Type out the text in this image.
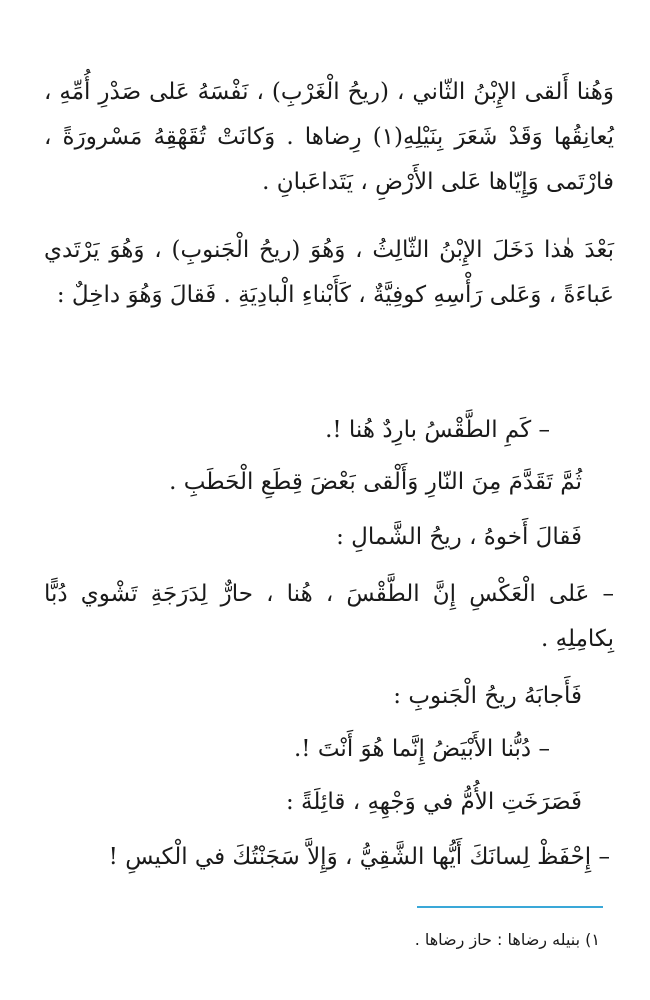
وَهُنا أَلقى الإِبْنُ الثّاني ، (ريحُ الْغَرْبِ) ، نَفْسَهُ عَلى صَدْرِ أُمِّهِ ، يُعانِقُها وَقَدْ شَعَرَ بِنَيْلِهِ(١) رِضاها . وَكانَتْ تُقَهْقِهُ مَسْرورَةً ، فارْتَمى وَإِيّاها عَلى الأَرْضِ ، يَتَداعَبانِ .

بَعْدَ هٰذا دَخَلَ الإِبْنُ الثّالِثُ ، وَهُوَ (ريحُ الْجَنوبِ) ، وَهُوَ يَرْتَدي عَباءَةً ، وَعَلى رَأْسِهِ كوفِيَّةٌ ، كَأَبْناءِ الْبادِيَةِ . فَقالَ وَهُوَ داخِلٌ :

– كَمِ الطَّقْسُ بارِدٌ هُنا !.

ثُمَّ تَقَدَّمَ مِنَ النّارِ وَأَلْقى بَعْضَ قِطَعِ الْحَطَبِ .

فَقالَ أَخوهُ ، ريحُ الشَّمالِ :

– عَلى الْعَكْسِ إِنَّ الطَّقْسَ ، هُنا ، حارٌّ لِدَرَجَةِ تَشْوي دُبًّا بِكامِلِهِ .

فَأَجابَهُ ريحُ الْجَنوبِ :

– دُبُّنا الأَبْيَضُ إِنَّما هُوَ أَنْتَ !.

فَصَرَخَتِ الأُمُّ في وَجْهِهِ ، قائِلَةً :

– إِحْفَظْ لِسانَكَ أَيُّها الشَّقِيُّ ، وَإِلاَّ سَجَنْتُكَ في الْكيسِ !

١) بنيله رضاها : حاز رضاها .
